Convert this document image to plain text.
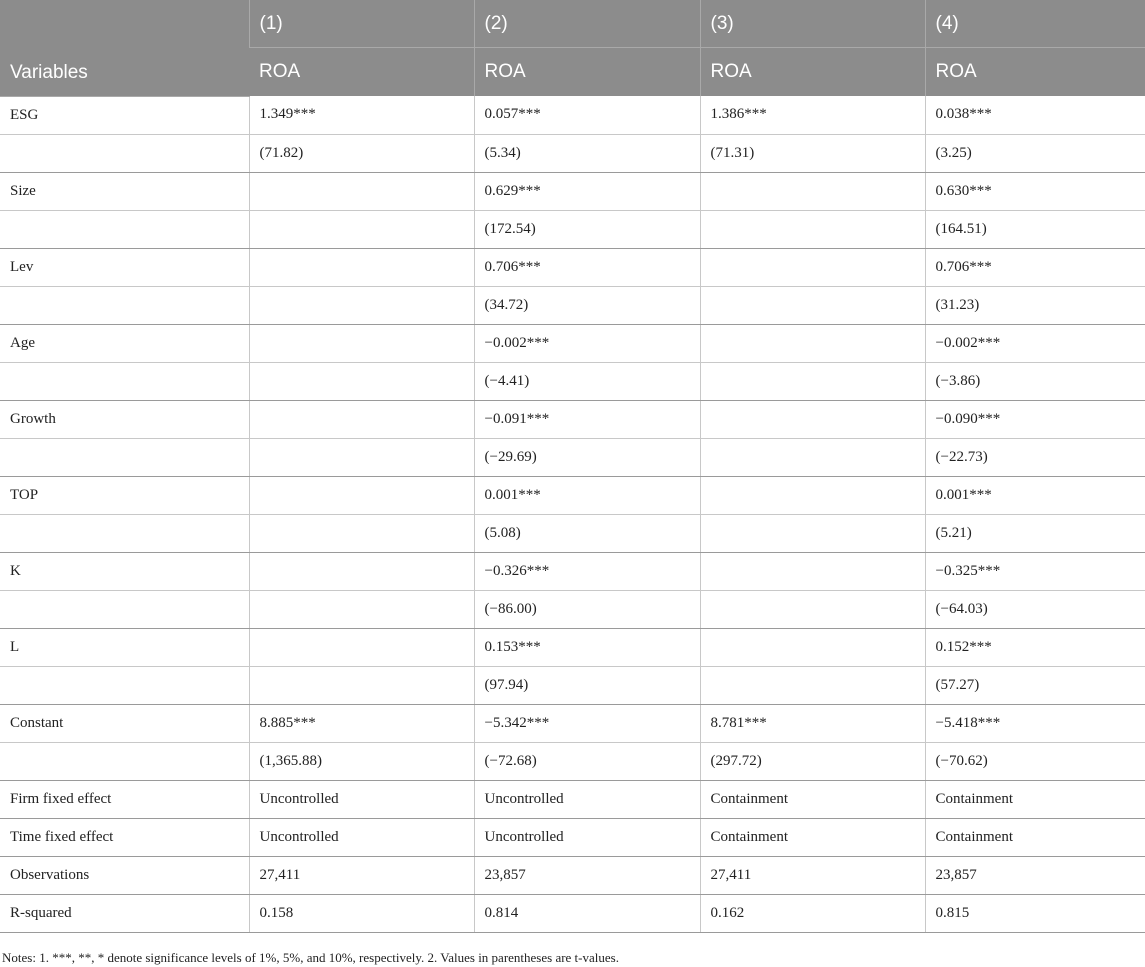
Variables	(1)	(2)	(3)	(4)
	ROA	ROA	ROA	ROA
ESG	1.349***	0.057***	1.386***	0.038***
	(71.82)	(5.34)	(71.31)	(3.25)
Size		0.629***		0.630***
		(172.54)		(164.51)
Lev		0.706***		0.706***
		(34.72)		(31.23)
Age		−0.002***		−0.002***
		(−4.41)		(−3.86)
Growth		−0.091***		−0.090***
		(−29.69)		(−22.73)
TOP		0.001***		0.001***
		(5.08)		(5.21)
K		−0.326***		−0.325***
		(−86.00)		(−64.03)
L		0.153***		0.152***
		(97.94)		(57.27)
Constant	8.885***	−5.342***	8.781***	−5.418***
	(1,365.88)	(−72.68)	(297.72)	(−70.62)
Firm fixed effect	Uncontrolled	Uncontrolled	Containment	Containment
Time fixed effect	Uncontrolled	Uncontrolled	Containment	Containment
Observations	27,411	23,857	27,411	23,857
R-squared	0.158	0.814	0.162	0.815

Notes: 1. ***, **, * denote significance levels of 1%, 5%, and 10%, respectively. 2. Values in parentheses are t-values.
